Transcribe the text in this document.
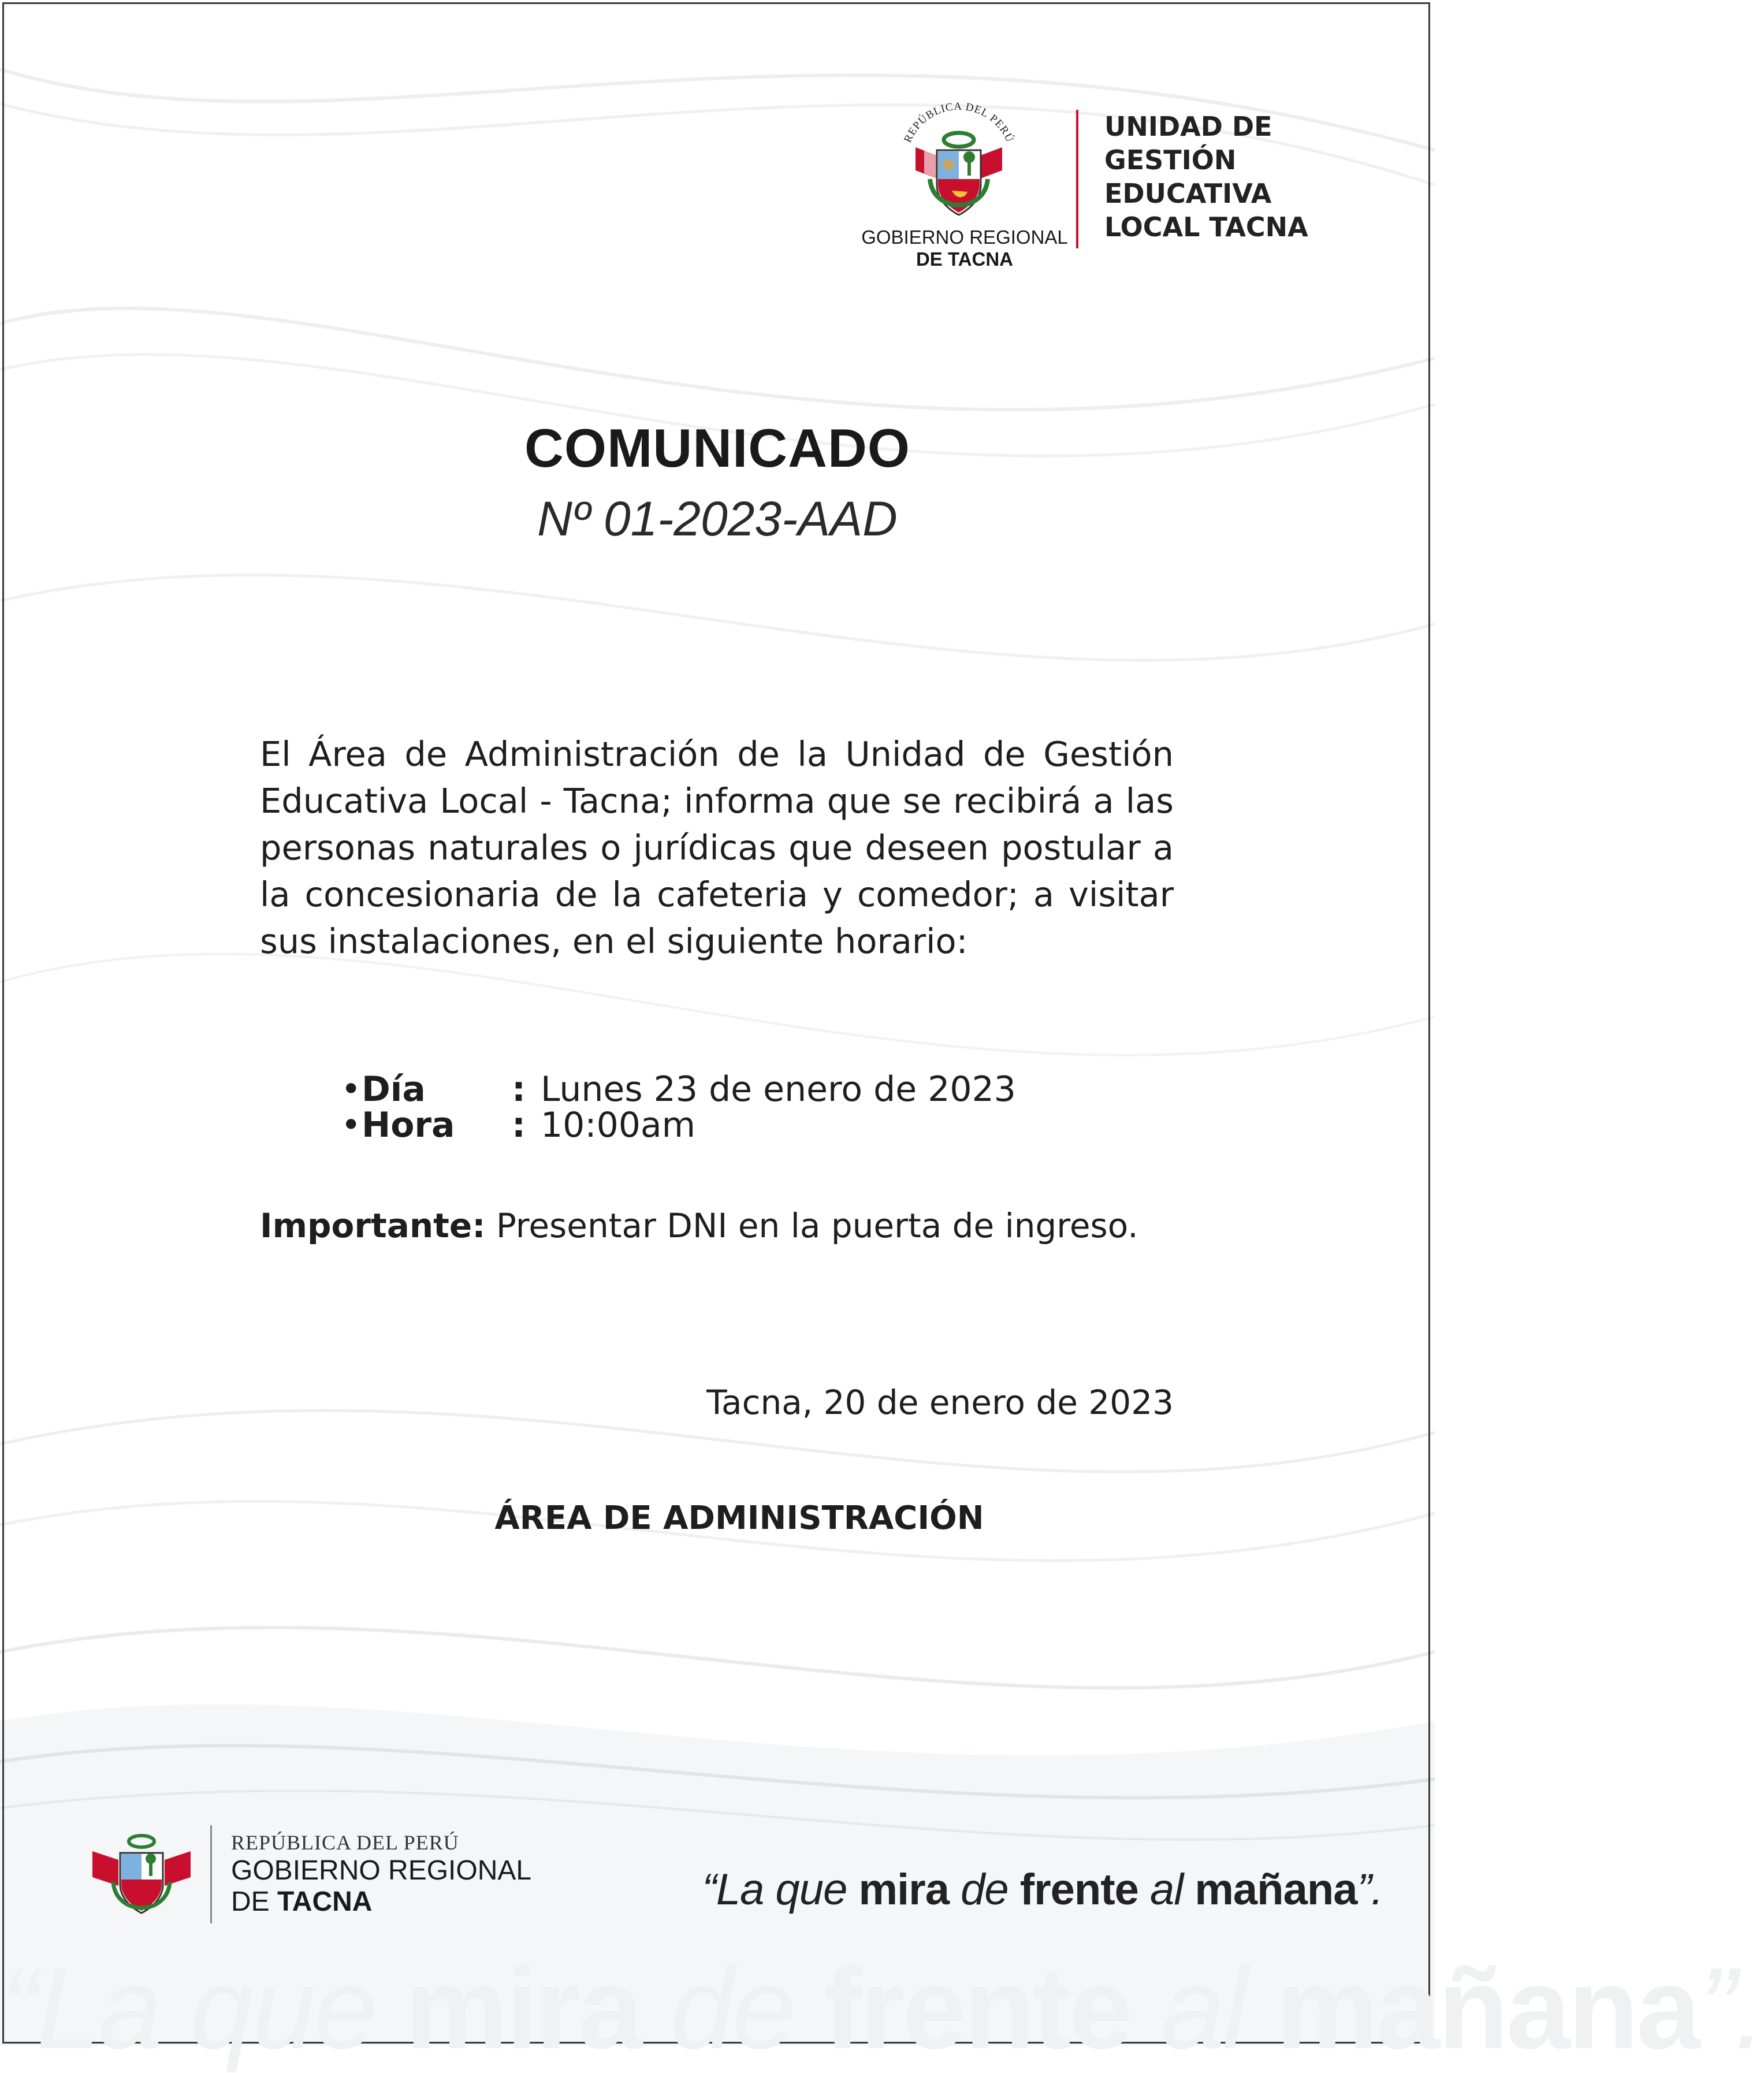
REPÚBLICA DEL PERÚ
GOBIERNO REGIONAL
DE TACNA
UNIDAD DE
GESTIÓN
EDUCATIVA
LOCAL TACNA
COMUNICADO
Nº 01-2023-AAD
El Área de Administración de la Unidad de Gestión Educativa Local - Tacna; informa que se recibirá a las personas naturales o jurídicas que deseen postular a la concesionaria de la cafeteria y comedor; a visitar sus instalaciones, en el siguiente horario:
•Día : Lunes 23 de enero de 2023
•Hora : 10:00am
Importante: Presentar DNI en la puerta de ingreso.
Tacna, 20 de enero de 2023
ÁREA DE ADMINISTRACIÓN
REPÚBLICA DEL PERÚ
GOBIERNO REGIONAL
DE TACNA	“La que mira de frente al mañana”.
“La que mira de frente al mañana”.
